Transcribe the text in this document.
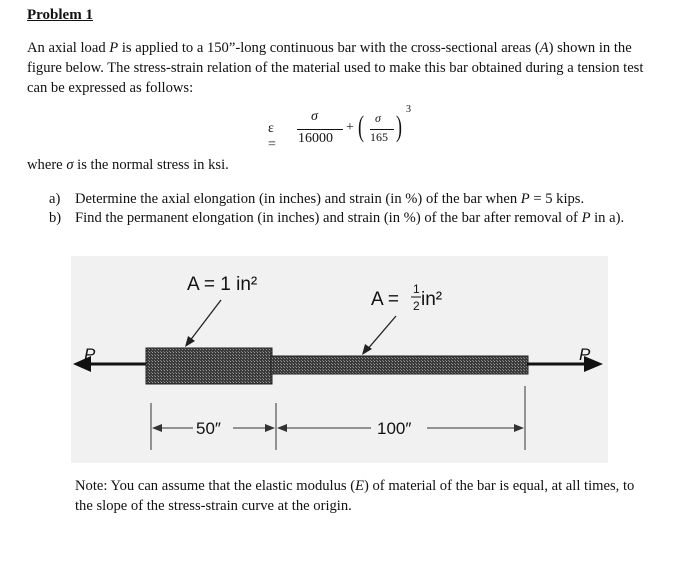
Problem 1
An axial load P is applied to a 150”-long continuous bar with the cross-sectional areas (A) shown in the figure below. The stress-strain relation of the material used to make this bar obtained during a tension test can be expressed as follows:
ε =
σ
16000
+ ( σ
165 )
3
where σ is the normal stress in ksi.
a) Determine the axial elongation (in inches) and strain (in %) of the bar when P = 5 kips.
b) Find the permanent elongation (in inches) and strain (in %) of the bar after removal of P in a).
A = 1 in²
A = 1
2 in²
P	P
50″	100″
Note: You can assume that the elastic modulus (E) of material of the bar is equal, at all times, to the slope of the stress-strain curve at the origin.
